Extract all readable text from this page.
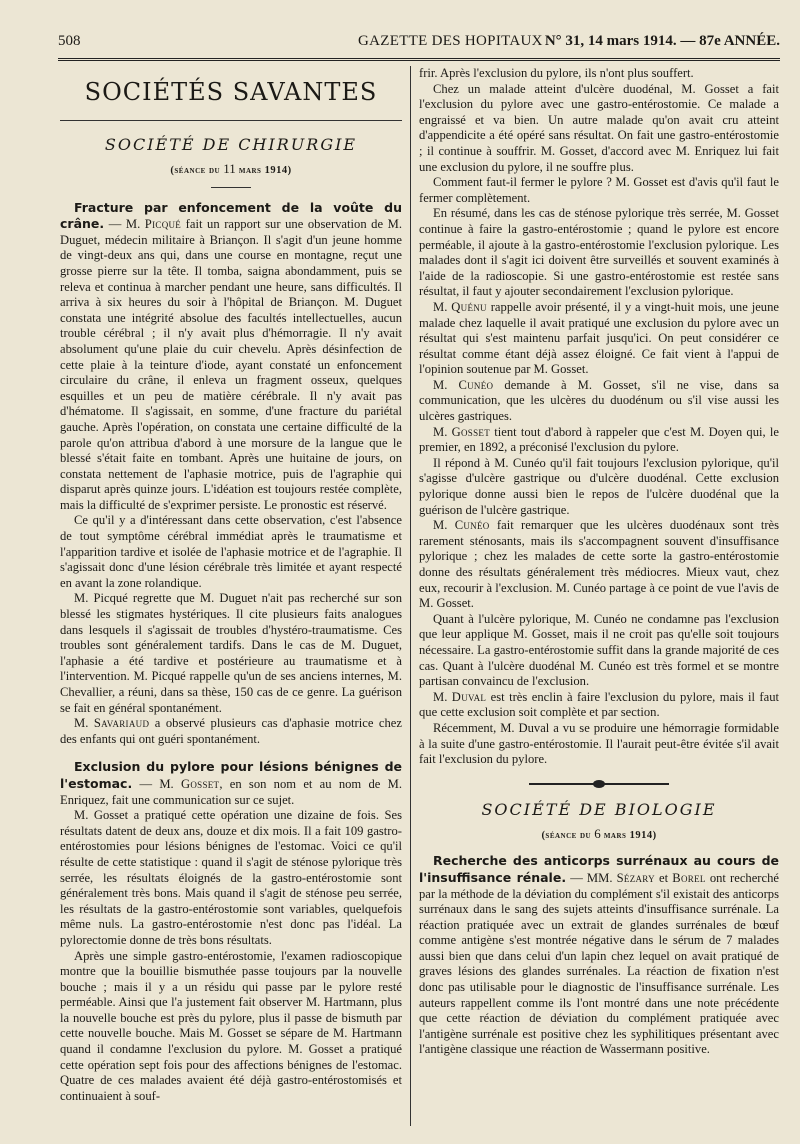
508	GAZETTE DES HOPITAUX N° 31, 14 mars 1914. — 87e ANNÉE.
SOCIÉTÉS SAVANTES
SOCIÉTÉ DE CHIRURGIE
(séance du 11 mars 1914)

Fracture par enfoncement de la voûte du crâne. — M. Picqué fait un rapport sur une observation de M. Duguet, médecin militaire à Briançon. Il s'agit d'un jeune homme de vingt-deux ans qui, dans une course en montagne, reçut une grosse pierre sur la tête. Il tomba, saigna abondamment, puis se releva et continua à marcher pendant une heure, sans difficultés. Il arriva à six heures du soir à l'hôpital de Briançon. M. Duguet constata une intégrité absolue des facultés intellectuelles, aucun trouble cérébral ; il n'y avait plus d'hémorragie. Il n'y avait absolument qu'une plaie du cuir chevelu. Après désinfection de cette plaie à la teinture d'iode, ayant constaté un enfoncement circulaire du crâne, il enleva un fragment osseux, quelques esquilles et un peu de matière cérébrale. Il n'y avait pas d'hématome. Il s'agissait, en somme, d'une fracture du pariétal gauche. Après l'opération, on constata une certaine difficulté de la parole qu'on attribua d'abord à une morsure de la langue que le blessé s'était faite en tombant. Après une huitaine de jours, on constata nettement de l'aphasie motrice, puis de l'agraphie qui disparut après quinze jours. L'idéation est toujours restée complète, mais la difficulté de s'exprimer persiste. Le pronostic est réservé.

Ce qu'il y a d'intéressant dans cette observation, c'est l'absence de tout symptôme cérébral immédiat après le traumatisme et l'apparition tardive et isolée de l'aphasie motrice et de l'agraphie. Il s'agissait donc d'une lésion cérébrale très limitée et ayant respecté en avant la zone rolandique.

M. Picqué regrette que M. Duguet n'ait pas recherché sur son blessé les stigmates hystériques. Il cite plusieurs faits analogues dans lesquels il s'agissait de troubles d'hystéro-traumatisme. Ces troubles sont généralement tardifs. Dans le cas de M. Duguet, l'aphasie a été tardive et postérieure au traumatisme et à l'intervention. M. Picqué rappelle qu'un de ses anciens internes, M. Chevallier, a réuni, dans sa thèse, 150 cas de ce genre. La guérison se fait en général spontanément.

M. Savariaud a observé plusieurs cas d'aphasie motrice chez des enfants qui ont guéri spontanément.

Exclusion du pylore pour lésions bénignes de l'estomac. — M. Gosset, en son nom et au nom de M. Enriquez, fait une communication sur ce sujet.

M. Gosset a pratiqué cette opération une dizaine de fois. Ses résultats datent de deux ans, douze et dix mois. Il a fait 109 gastro-entérostomies pour lésions bénignes de l'estomac. Voici ce qu'il résulte de cette statistique : quand il s'agit de sténose pylorique très serrée, les résultats éloignés de la gastro-entérostomie sont généralement très bons. Mais quand il s'agit de sténose peu serrée, les résultats de la gastro-entérostomie sont variables, quelquefois même nuls. La gastro-entérostomie n'est donc pas l'idéal. La pylorectomie donne de très bons résultats.

Après une simple gastro-entérostomie, l'examen radioscopique montre que la bouillie bismuthée passe toujours par la nouvelle bouche ; mais il y a un résidu qui passe par le pylore resté perméable. Ainsi que l'a justement fait observer M. Hartmann, plus la nouvelle bouche est près du pylore, plus il passe de bismuth par cette nouvelle bouche. Mais M. Gosset se sépare de M. Hartmann quand il condamne l'exclusion du pylore. M. Gosset a pratiqué cette opération sept fois pour des affections bénignes de l'estomac. Quatre de ces malades avaient été déjà gastro-entérostomisés et continuaient à souf-

frir. Après l'exclusion du pylore, ils n'ont plus souffert.

Chez un malade atteint d'ulcère duodénal, M. Gosset a fait l'exclusion du pylore avec une gastro-entérostomie. Ce malade a engraissé et va bien. Un autre malade qu'on avait cru atteint d'appendicite a été opéré sans résultat. On fait une gastro-entérostomie ; il continue à souffrir. M. Gosset, d'accord avec M. Enriquez lui fait une exclusion du pylore, il ne souffre plus.

Comment faut-il fermer le pylore ? M. Gosset est d'avis qu'il faut le fermer complètement.

En résumé, dans les cas de sténose pylorique très serrée, M. Gosset continue à faire la gastro-entérostomie ; quand le pylore est encore perméable, il ajoute à la gastro-entérostomie l'exclusion pylorique. Les malades dont il s'agit ici doivent être surveillés et souvent examinés à l'aide de la radioscopie. Si une gastro-entérostomie est restée sans résultat, il faut y ajouter secondairement l'exclusion pylorique.

M. Quénu rappelle avoir présenté, il y a vingt-huit mois, une jeune malade chez laquelle il avait pratiqué une exclusion du pylore avec un résultat qui s'est maintenu parfait jusqu'ici. On peut considérer ce résultat comme étant déjà assez éloigné. Ce fait vient à l'appui de l'opinion soutenue par M. Gosset.

M. Cunéo demande à M. Gosset, s'il ne vise, dans sa communication, que les ulcères du duodénum ou s'il vise aussi les ulcères gastriques.

M. Gosset tient tout d'abord à rappeler que c'est M. Doyen qui, le premier, en 1892, a préconisé l'exclusion du pylore.

Il répond à M. Cunéo qu'il fait toujours l'exclusion pylorique, qu'il s'agisse d'ulcère gastrique ou d'ulcère duodénal. Cette exclusion pylorique donne aussi bien le repos de l'ulcère duodénal que la guérison de l'ulcère gastrique.

M. Cunéo fait remarquer que les ulcères duodénaux sont très rarement sténosants, mais ils s'accompagnent souvent d'insuffisance pylorique ; chez les malades de cette sorte la gastro-entérostomie donne des résultats généralement très médiocres. Mieux vaut, chez eux, recourir à l'exclusion. M. Cunéo partage à ce point de vue l'avis de M. Gosset.

Quant à l'ulcère pylorique, M. Cunéo ne condamne pas l'exclusion que leur applique M. Gosset, mais il ne croit pas qu'elle soit toujours nécessaire. La gastro-entérostomie suffit dans la grande majorité de ces cas. Quant à l'ulcère duodénal M. Cunéo est très formel et se montre partisan convaincu de l'exclusion.

M. Duval est très enclin à faire l'exclusion du pylore, mais il faut que cette exclusion soit complète et par section.

Récemment, M. Duval a vu se produire une hémorragie formidable à la suite d'une gastro-entérostomie. Il l'aurait peut-être évitée s'il avait fait l'exclusion du pylore.

SOCIÉTÉ DE BIOLOGIE
(séance du 6 mars 1914)

Recherche des anticorps surrénaux au cours de l'insuffisance rénale. — MM. Sézary et Borel ont recherché par la méthode de la déviation du complément s'il existait des anticorps surrénaux dans le sang des sujets atteints d'insuffisance surrénale. La réaction pratiquée avec un extrait de glandes surrénales de bœuf comme antigène s'est montrée négative dans le sérum de 7 malades aussi bien que dans celui d'un lapin chez lequel on avait pratiqué de graves lésions des glandes surrénales. La réaction de fixation n'est donc pas utilisable pour le diagnostic de l'insuffisance surrénale. Les auteurs rappellent comme ils l'ont montré dans une note précédente que cette réaction de déviation du complément pratiquée avec l'antigène surrénale est positive chez les syphilitiques présentant avec l'antigène classique une réaction de Wassermann positive.
